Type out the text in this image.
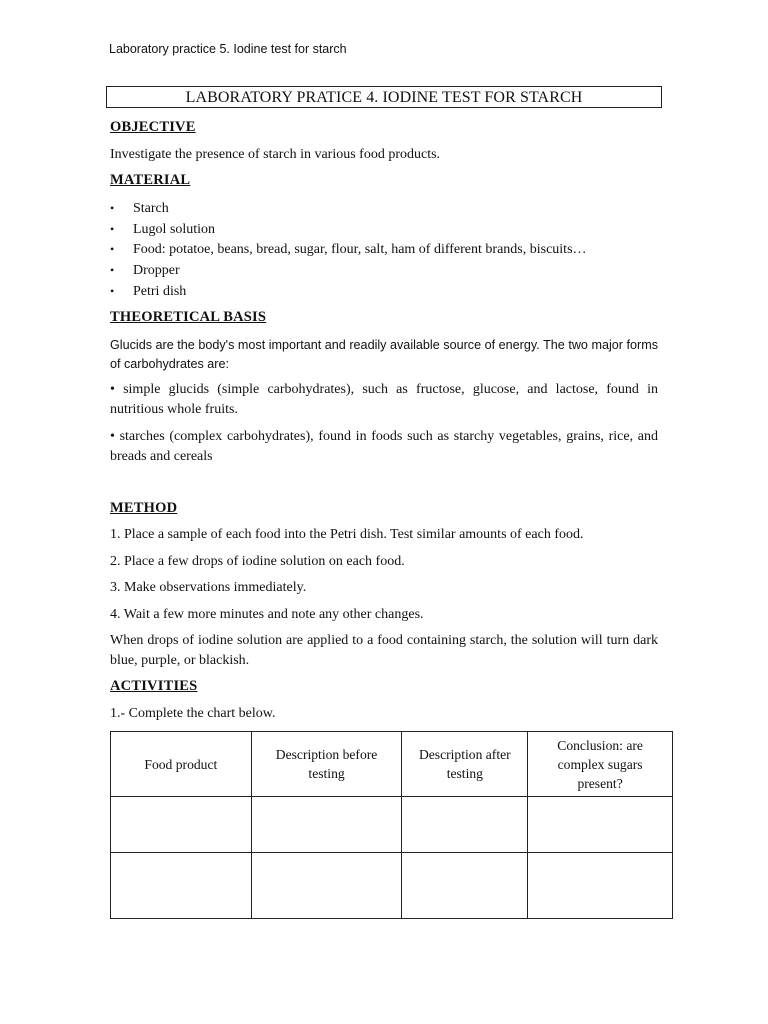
Laboratory practice 5. Iodine test for starch
LABORATORY PRATICE 4. IODINE TEST FOR STARCH
OBJECTIVE
Investigate the presence of starch in various food products.
MATERIAL
• Starch
• Lugol solution
• Food: potatoe, beans, bread, sugar, flour, salt, ham of different brands, biscuits…
• Dropper
• Petri dish
THEORETICAL BASIS
Glucids are the body's most important and readily available source of energy. The two major forms of carbohydrates are:
• simple glucids (simple carbohydrates), such as fructose, glucose, and lactose, found in nutritious whole fruits.
• starches (complex carbohydrates), found in foods such as starchy vegetables, grains, rice, and breads and cereals
METHOD
1. Place a sample of each food into the Petri dish. Test similar amounts of each food.
2. Place a few drops of iodine solution on each food.
3. Make observations immediately.
4. Wait a few more minutes and note any other changes.
When drops of iodine solution are applied to a food containing starch, the solution will turn dark blue, purple, or blackish.
ACTIVITIES
1.- Complete the chart below.
Food product	Description before testing	Description after testing	Conclusion: are complex sugars present?
